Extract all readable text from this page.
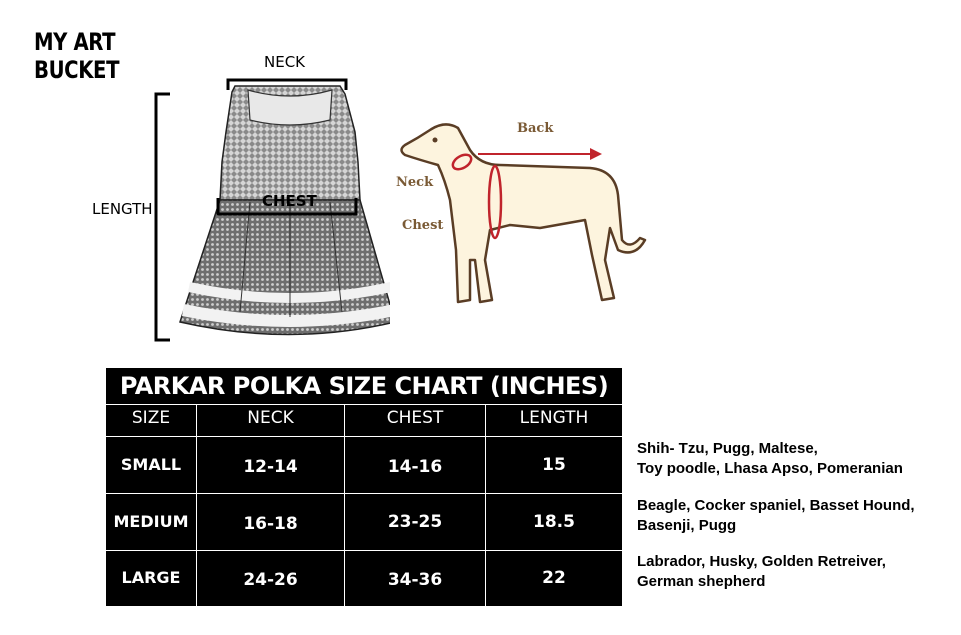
MY ART
BUCKET	NECK
CHEST
LENGTH
Back
Neck
Chest
PARKAR POLKA SIZE CHART (INCHES)
SIZE	NECK	CHEST	LENGTH
SMALL	12-14	14-16	15
MEDIUM	16-18	23-25	18.5
LARGE	24-26	34-36	22
Shih- Tzu, Pugg, Maltese,
Toy poodle, Lhasa Apso, Pomeranian
Beagle, Cocker spaniel, Basset Hound,
Basenji, Pugg
Labrador, Husky, Golden Retreiver,
German shepherd
